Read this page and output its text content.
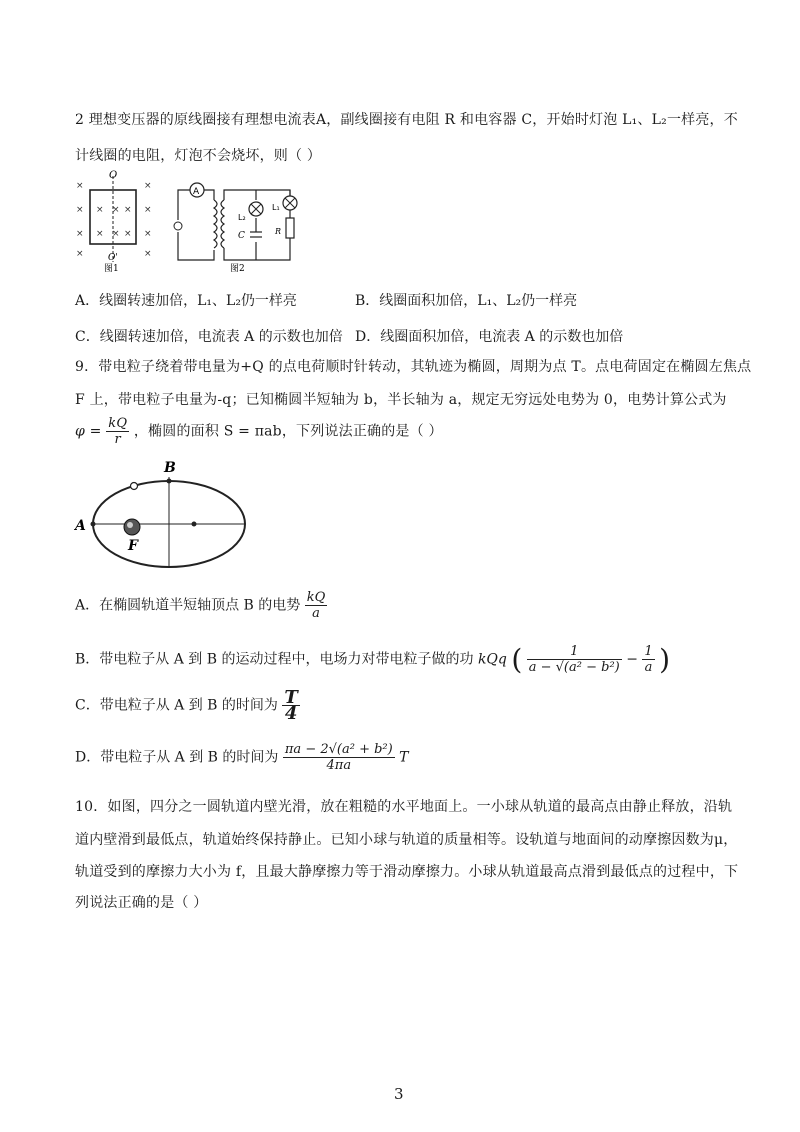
2 理想变压器的原线圈接有理想电流表A，副线圈接有电阻 R 和电容器 C，开始时灯泡 L₁、L₂一样亮，不
计线圈的电阻，灯泡不会烧坏，则（ ）
×
×
×
×
×
×
×
×
× × ×
× × ×
O
O'
图1
A
L₂
L₁
R
C
图2
A．线圈转速加倍，L₁、L₂仍一样亮	B．线圈面积加倍，L₁、L₂仍一样亮
C．线圈转速加倍，电流表 A 的示数也加倍 D．线圈面积加倍，电流表 A 的示数也加倍
9．带电粒子绕着带电量为+Q 的点电荷顺时针转动，其轨迹为椭圆，周期为点 T。点电荷固定在椭圆左焦点
F 上，带电粒子电量为-q；已知椭圆半短轴为 b，半长轴为 a，规定无穷远处电势为 0，电势计算公式为
$\varphi = \frac{kQ}{r}$ ，椭圆的面积 S = πab，下列说法正确的是（ ）
A
B
F
A．在椭圆轨道半短轴顶点 B 的电势 $\frac{kQ}{a}$
B．带电粒子从 A 到 B 的运动过程中，电场力对带电粒子做的功 kQq ( $\frac{1}{\text{a − √(a² − b²)}} - \frac{1}{a}$ )
C．带电粒子从 A 到 B 的时间为 $\frac{T}{4}$
D．带电粒子从 A 到 B 的时间为 $\frac{\text{πa − 2√(a² + b²)}}{4\pi a}$ T
10．如图，四分之一圆轨道内壁光滑，放在粗糙的水平地面上。一小球从轨道的最高点由静止释放，沿轨
道内壁滑到最低点，轨道始终保持静止。已知小球与轨道的质量相等。设轨道与地面间的动摩擦因数为μ，
轨道受到的摩擦力大小为 f，且最大静摩擦力等于滑动摩擦力。小球从轨道最高点滑到最低点的过程中，下
列说法正确的是（ ）
3
